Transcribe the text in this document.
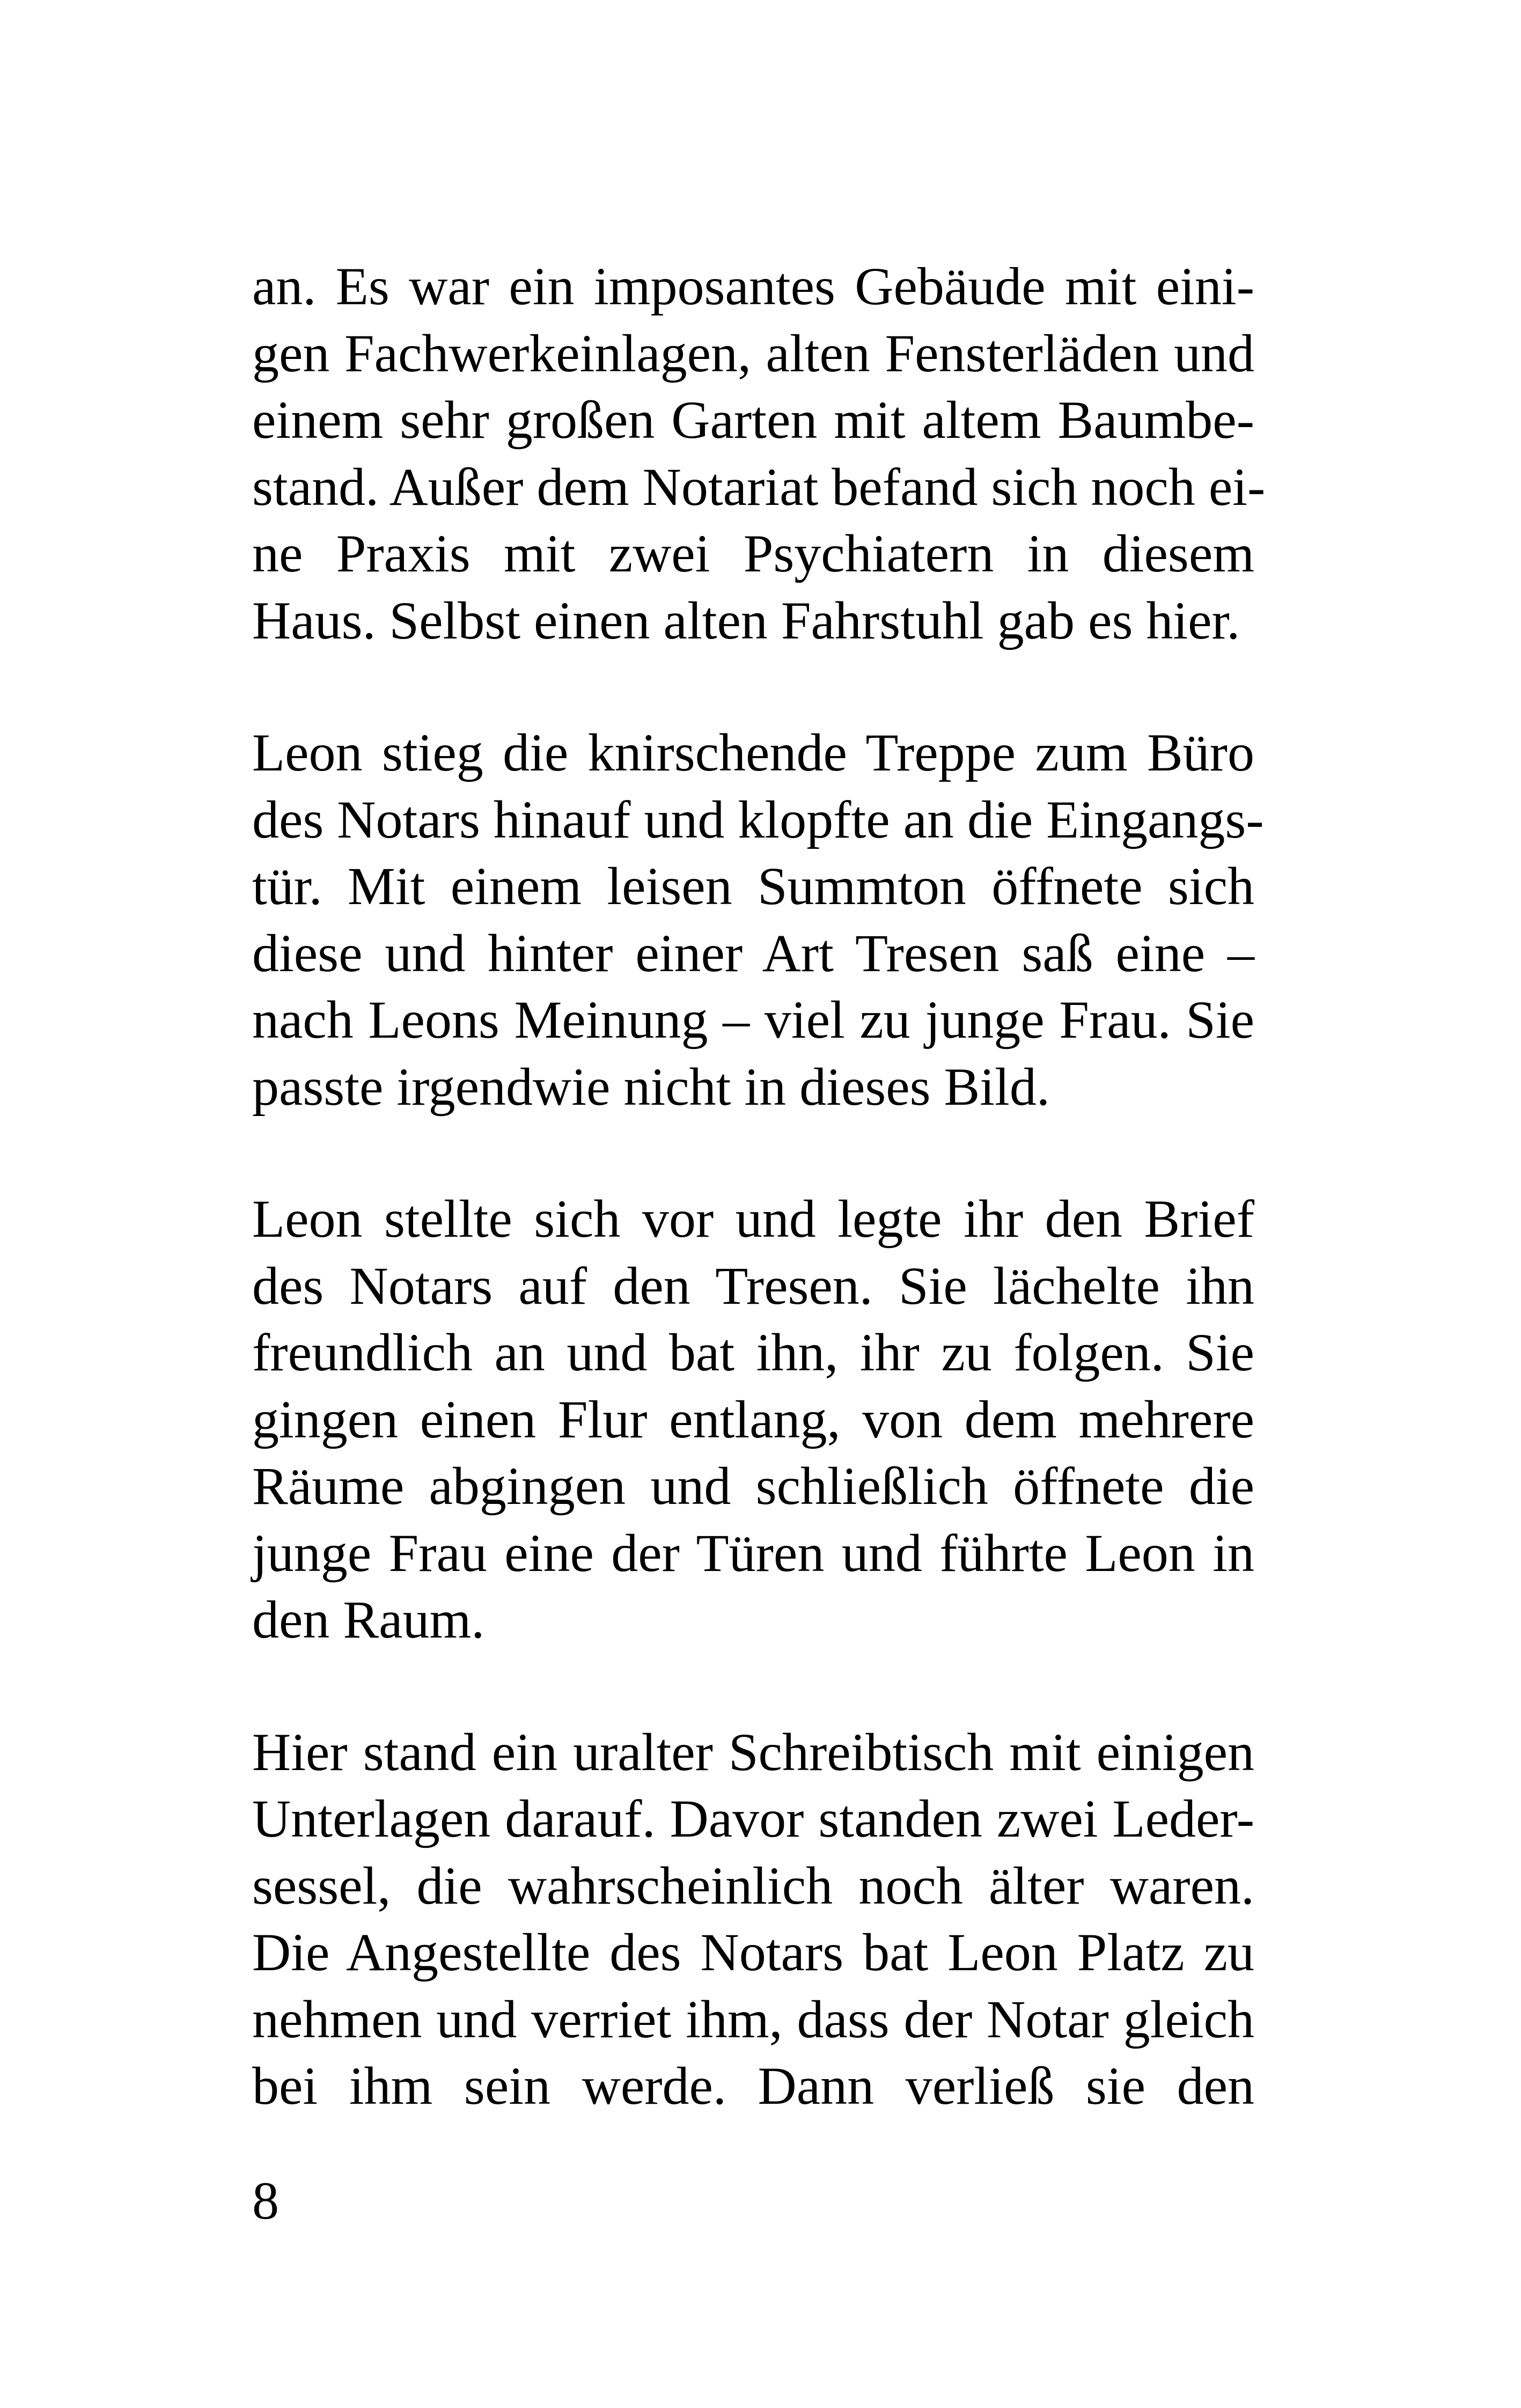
an. Es war ein imposantes Gebäude mit eini-
gen Fachwerkeinlagen, alten Fensterläden und
einem sehr großen Garten mit altem Baumbe-
stand. Außer dem Notariat befand sich noch ei-
ne Praxis mit zwei Psychiatern in diesem
Haus. Selbst einen alten Fahrstuhl gab es hier.
Leon stieg die knirschende Treppe zum Büro
des Notars hinauf und klopfte an die Eingangs-
tür. Mit einem leisen Summton öffnete sich
diese und hinter einer Art Tresen saß eine –
nach Leons Meinung – viel zu junge Frau. Sie
passte irgendwie nicht in dieses Bild.
Leon stellte sich vor und legte ihr den Brief
des Notars auf den Tresen. Sie lächelte ihn
freundlich an und bat ihn, ihr zu folgen. Sie
gingen einen Flur entlang, von dem mehrere
Räume abgingen und schließlich öffnete die
junge Frau eine der Türen und führte Leon in
den Raum.
Hier stand ein uralter Schreibtisch mit einigen
Unterlagen darauf. Davor standen zwei Leder-
sessel, die wahrscheinlich noch älter waren.
Die Angestellte des Notars bat Leon Platz zu
nehmen und verriet ihm, dass der Notar gleich
bei ihm sein werde. Dann verließ sie den
8
